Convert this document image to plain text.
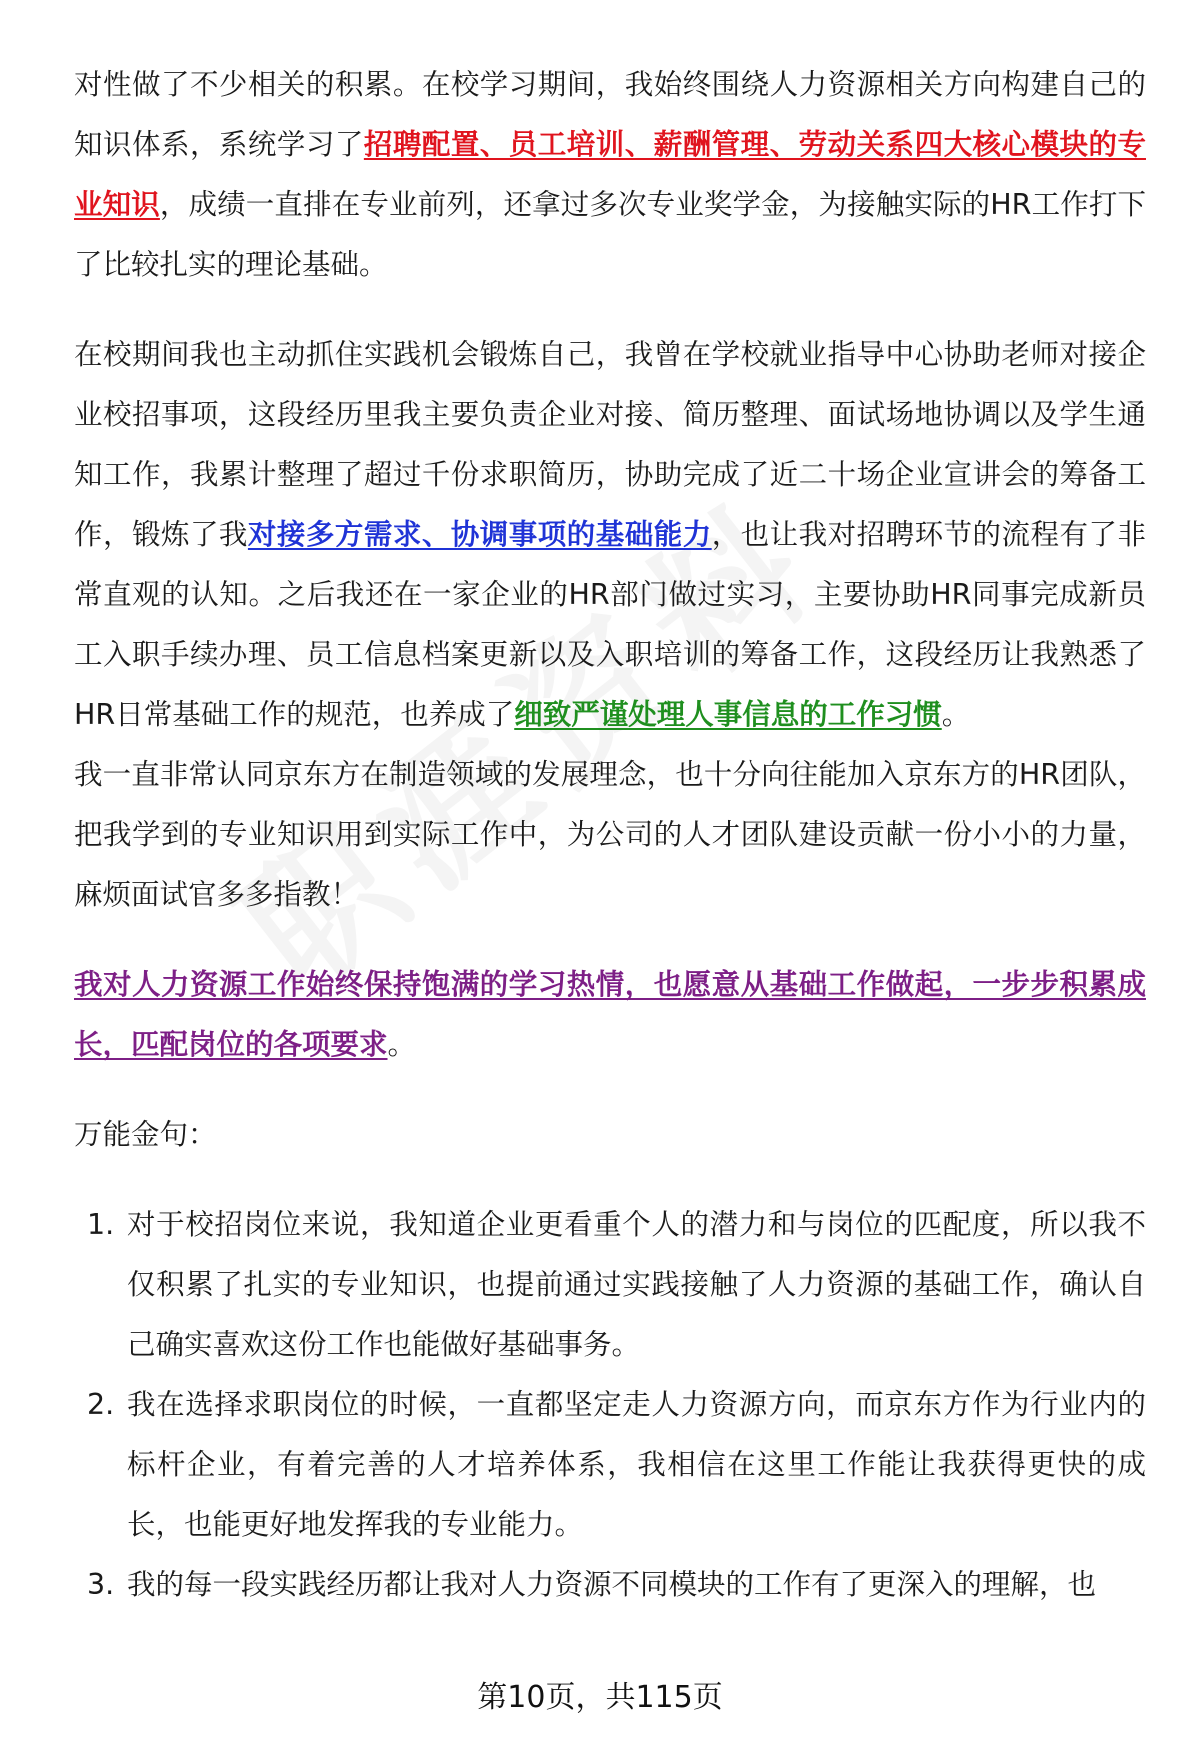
对性做了不少相关的积累。在校学习期间，我始终围绕人力资源相关方向构建自己的知识体系，系统学习了招聘配置、员工培训、薪酬管理、劳动关系四大核心模块的专业知识，成绩一直排在专业前列，还拿过多次专业奖学金，为接触实际的HR工作打下了比较扎实的理论基础。

在校期间我也主动抓住实践机会锻炼自己，我曾在学校就业指导中心协助老师对接企业校招事项，这段经历里我主要负责企业对接、简历整理、面试场地协调以及学生通知工作，我累计整理了超过千份求职简历，协助完成了近二十场企业宣讲会的筹备工作，锻炼了我对接多方需求、协调事项的基础能力，也让我对招聘环节的流程有了非常直观的认知。之后我还在一家企业的HR部门做过实习，主要协助HR同事完成新员工入职手续办理、员工信息档案更新以及入职培训的筹备工作，这段经历让我熟悉了HR日常基础工作的规范，也养成了细致严谨处理人事信息的工作习惯。

我一直非常认同京东方在制造领域的发展理念，也十分向往能加入京东方的HR团队，把我学到的专业知识用到实际工作中，为公司的人才团队建设贡献一份小小的力量，麻烦面试官多多指教！

我对人力资源工作始终保持饱满的学习热情，也愿意从基础工作做起，一步步积累成长，匹配岗位的各项要求。

万能金句：

1. 对于校招岗位来说，我知道企业更看重个人的潜力和与岗位的匹配度，所以我不仅积累了扎实的专业知识，也提前通过实践接触了人力资源的基础工作，确认自己确实喜欢这份工作也能做好基础事务。
2. 我在选择求职岗位的时候，一直都坚定走人力资源方向，而京东方作为行业内的标杆企业，有着完善的人才培养体系，我相信在这里工作能让我获得更快的成长，也能更好地发挥我的专业能力。
3. 我的每一段实践经历都让我对人力资源不同模块的工作有了更深入的理解，也
第10页，共115页
